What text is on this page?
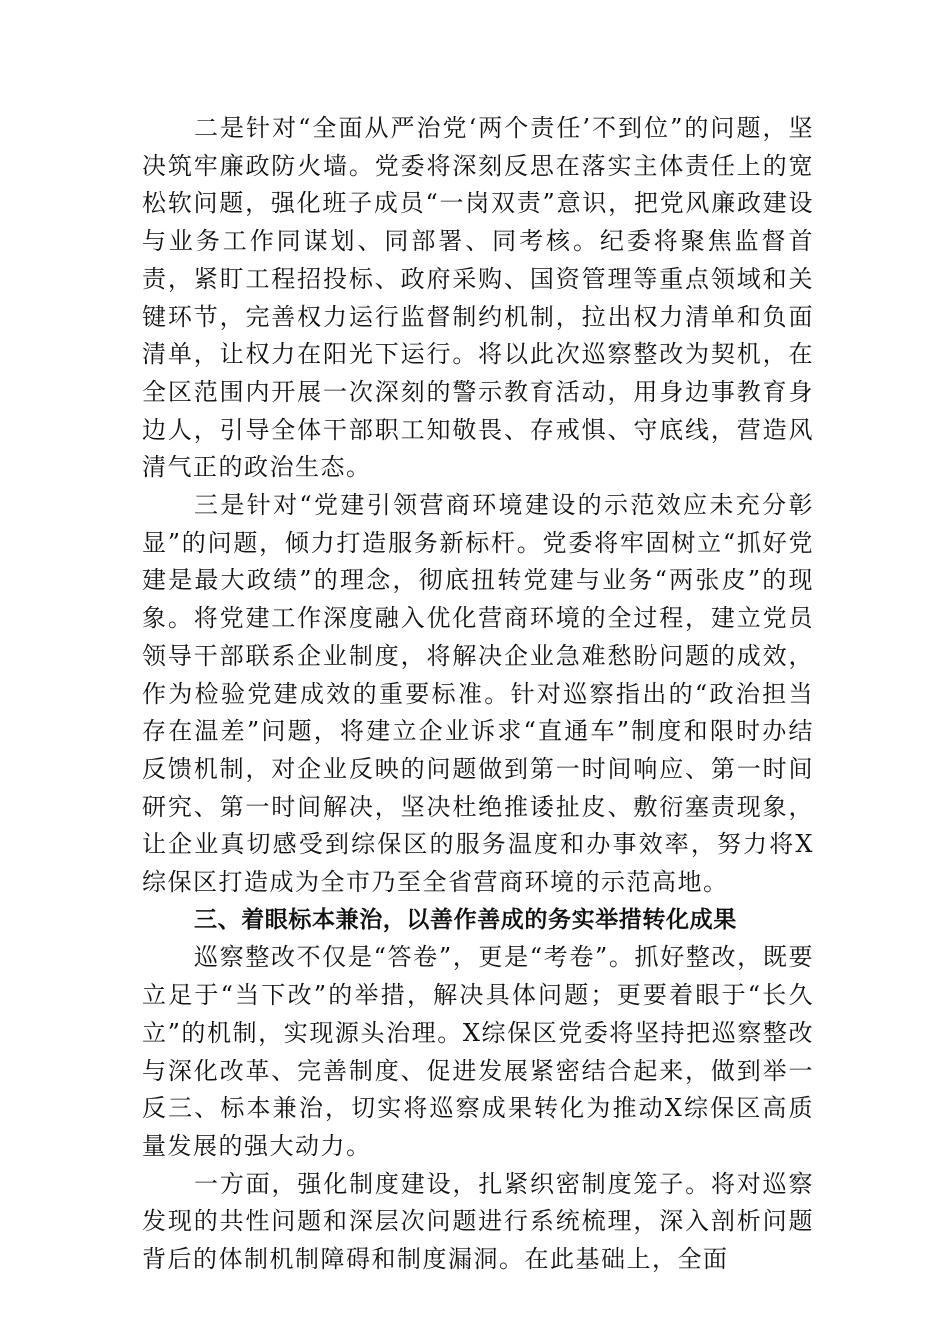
二是针对“全面从严治党‘两个责任’不到位”的问题，坚决筑牢廉政防火墙。党委将深刻反思在落实主体责任上的宽松软问题，强化班子成员“一岗双责”意识，把党风廉政建设与业务工作同谋划、同部署、同考核。纪委将聚焦监督首责，紧盯工程招投标、政府采购、国资管理等重点领域和关键环节，完善权力运行监督制约机制，拉出权力清单和负面清单，让权力在阳光下运行。将以此次巡察整改为契机，在全区范围内开展一次深刻的警示教育活动，用身边事教育身边人，引导全体干部职工知敬畏、存戒惧、守底线，营造风清气正的政治生态。

三是针对“党建引领营商环境建设的示范效应未充分彰显”的问题，倾力打造服务新标杆。党委将牢固树立“抓好党建是最大政绩”的理念，彻底扭转党建与业务“两张皮”的现象。将党建工作深度融入优化营商环境的全过程，建立党员领导干部联系企业制度，将解决企业急难愁盼问题的成效，作为检验党建成效的重要标准。针对巡察指出的“政治担当存在温差”问题，将建立企业诉求“直通车”制度和限时办结反馈机制，对企业反映的问题做到第一时间响应、第一时间研究、第一时间解决，坚决杜绝推诿扯皮、敷衍塞责现象，让企业真切感受到综保区的服务温度和办事效率，努力将X综保区打造成为全市乃至全省营商环境的示范高地。

三、着眼标本兼治，以善作善成的务实举措转化成果

巡察整改不仅是“答卷”，更是“考卷”。抓好整改，既要立足于“当下改”的举措，解决具体问题；更要着眼于“长久立”的机制，实现源头治理。X综保区党委将坚持把巡察整改与深化改革、完善制度、促进发展紧密结合起来，做到举一反三、标本兼治，切实将巡察成果转化为推动X综保区高质量发展的强大动力。

一方面，强化制度建设，扎紧织密制度笼子。将对巡察发现的共性问题和深层次问题进行系统梳理，深入剖析问题背后的体制机制障碍和制度漏洞。在此基础上，全面
